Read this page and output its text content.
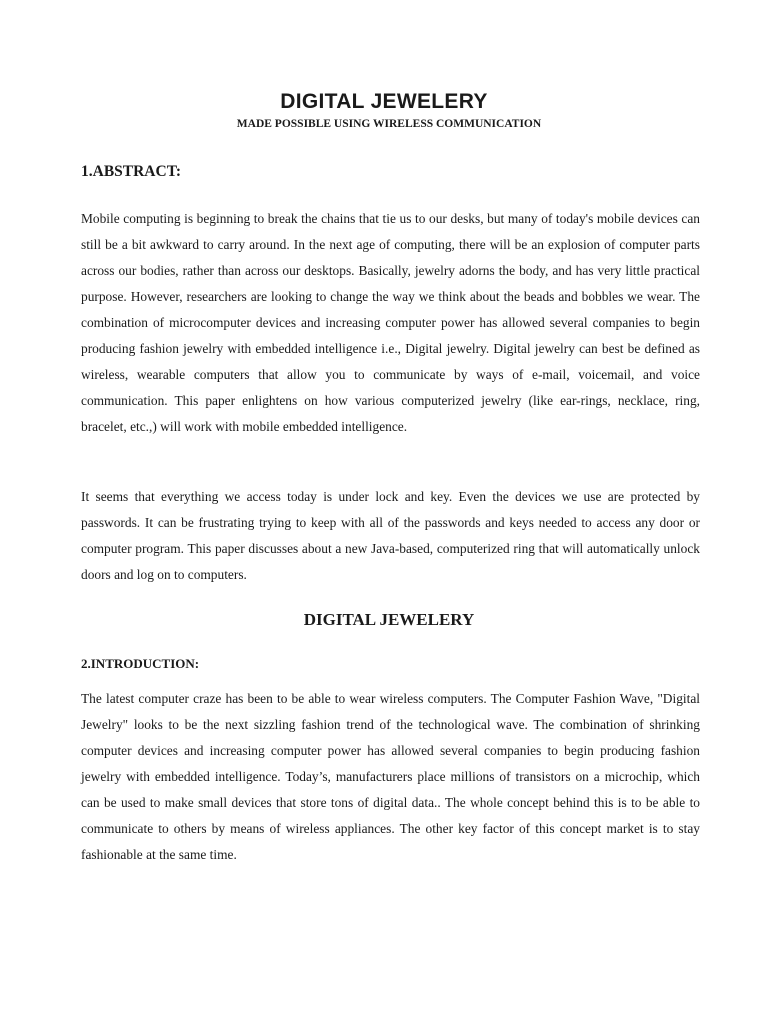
DIGITAL JEWELERY
MADE POSSIBLE USING WIRELESS COMMUNICATION
1.ABSTRACT:

Mobile computing is beginning to break the chains that tie us to our desks, but many of today's mobile devices can still be a bit awkward to carry around. In the next age of computing, there will be an explosion of computer parts across our bodies, rather than across our desktops. Basically, jewelry adorns the body, and has very little practical purpose. However, researchers are looking to change the way we think about the beads and bobbles we wear. The combination of microcomputer devices and increasing computer power has allowed several companies to begin producing fashion jewelry with embedded intelligence i.e., Digital jewelry. Digital jewelry can best be defined as wireless, wearable computers that allow you to communicate by ways of e-mail, voicemail, and voice communication. This paper enlightens on how various computerized jewelry (like ear-rings, necklace, ring, bracelet, etc.,) will work with mobile embedded intelligence.

It seems that everything we access today is under lock and key. Even the devices we use are protected by passwords. It can be frustrating trying to keep with all of the passwords and keys needed to access any door or computer program. This paper discusses about a new Java-based, computerized ring that will automatically unlock doors and log on to computers.

DIGITAL JEWELERY
2.INTRODUCTION:

The latest computer craze has been to be able to wear wireless computers. The Computer Fashion Wave, "Digital Jewelry" looks to be the next sizzling fashion trend of the technological wave. The combination of shrinking computer devices and increasing computer power has allowed several companies to begin producing fashion jewelry with embedded intelligence. Today’s, manufacturers place millions of transistors on a microchip, which can be used to make small devices that store tons of digital data.. The whole concept behind this is to be able to communicate to others by means of wireless appliances. The other key factor of this concept market is to stay fashionable at the same time.
